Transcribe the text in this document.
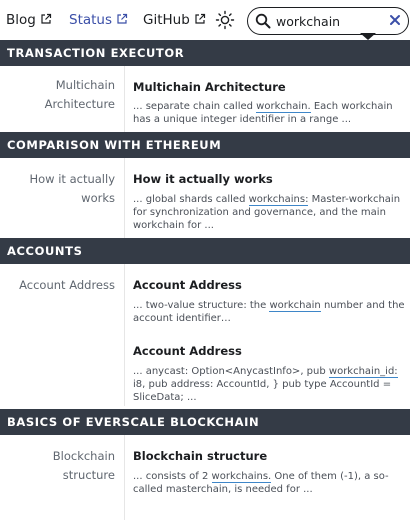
Blog	Status	GitHub
workchain
TRANSACTION EXECUTOR
Multichain
Architecture
Multichain Architecture
... separate chain called workchain. Each workchain has a unique integer identifier in a range ...
COMPARISON WITH ETHEREUM
How it actually
works
How it actually works
... global shards called workchains: Master-workchain for synchronization and governance, and the main workchain for ...
ACCOUNTS
Account Address Account Address
... two-value structure: the workchain number and the account identifier…
Account Address
... anycast: Option<AnycastInfo>, pub workchain_id: i8, pub address: AccountId, } pub type AccountId = SliceData; ...
BASICS OF EVERSCALE BLOCKCHAIN
Blockchain
structure
Blockchain structure
... consists of 2 workchains. One of them (-1), a so-called masterchain, is needed for ...
